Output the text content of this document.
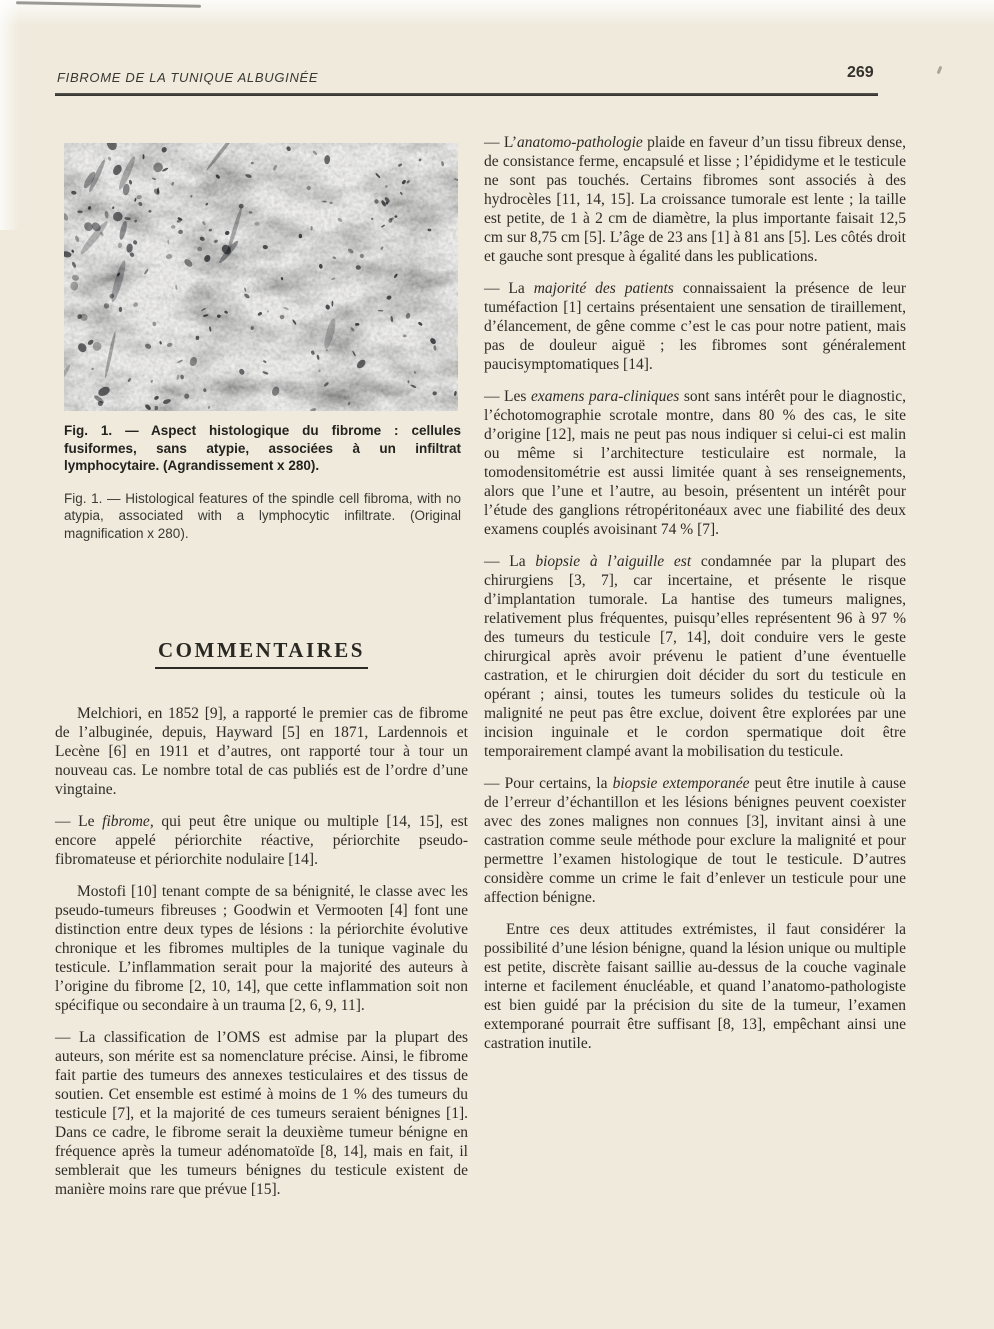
FIBROME DE LA TUNIQUE ALBUGINÉE	269

Fig. 1. — Aspect histologique du fibrome : cellules fusiformes, sans atypie, associées à un infiltrat lymphocytaire. (Agrandissement x 280).

Fig. 1. — Histological features of the spindle cell fibroma, with no atypia, associated with a lymphocytic infiltrate. (Original magnification x 280).

COMMENTAIRES

Melchiori, en 1852 [9], a rapporté le premier cas de fibrome de l’albuginée, depuis, Hayward [5] en 1871, Lardennois et Lecène [6] en 1911 et d’autres, ont rapporté tour à tour un nouveau cas. Le nombre total de cas publiés est de l’ordre d’une vingtaine.

— Le fibrome, qui peut être unique ou multiple [14, 15], est encore appelé périorchite réactive, périorchite pseudo-fibromateuse et périorchite nodulaire [14].

Mostofi [10] tenant compte de sa bénignité, le classe avec les pseudo-tumeurs fibreuses ; Goodwin et Vermooten [4] font une distinction entre deux types de lésions : la périorchite évolutive chronique et les fibromes multiples de la tunique vaginale du testicule. L’inflammation serait pour la majorité des auteurs à l’origine du fibrome [2, 10, 14], que cette inflammation soit non spécifique ou secondaire à un trauma [2, 6, 9, 11].

— La classification de l’OMS est admise par la plupart des auteurs, son mérite est sa nomenclature précise. Ainsi, le fibrome fait partie des tumeurs des annexes testiculaires et des tissus de soutien. Cet ensemble est estimé à moins de 1 % des tumeurs du testicule [7], et la majorité de ces tumeurs seraient bénignes [1]. Dans ce cadre, le fibrome serait la deuxième tumeur bénigne en fréquence après la tumeur adénomatoïde [8, 14], mais en fait, il semblerait que les tumeurs bénignes du testicule existent de manière moins rare que prévue [15].

— L’anatomo-pathologie plaide en faveur d’un tissu fibreux dense, de consistance ferme, encapsulé et lisse ; l’épididyme et le testicule ne sont pas touchés. Certains fibromes sont associés à des hydrocèles [11, 14, 15]. La croissance tumorale est lente ; la taille est petite, de 1 à 2 cm de diamètre, la plus importante faisait 12,5 cm sur 8,75 cm [5]. L’âge de 23 ans [1] à 81 ans [5]. Les côtés droit et gauche sont presque à égalité dans les publications.

— La majorité des patients connaissaient la présence de leur tuméfaction [1] certains présentaient une sensation de tiraillement, d’élancement, de gêne comme c’est le cas pour notre patient, mais pas de douleur aiguë ; les fibromes sont généralement paucisymptomatiques [14].

— Les examens para-cliniques sont sans intérêt pour le diagnostic, l’échotomographie scrotale montre, dans 80 % des cas, le site d’origine [12], mais ne peut pas nous indiquer si celui-ci est malin ou même si l’architecture testiculaire est normale, la tomodensitométrie est aussi limitée quant à ses renseignements, alors que l’une et l’autre, au besoin, présentent un intérêt pour l’étude des ganglions rétropéritonéaux avec une fiabilité des deux examens couplés avoisinant 74 % [7].

— La biopsie à l’aiguille est condamnée par la plupart des chirurgiens [3, 7], car incertaine, et présente le risque d’implantation tumorale. La hantise des tumeurs malignes, relativement plus fréquentes, puisqu’elles représentent 96 à 97 % des tumeurs du testicule [7, 14], doit conduire vers le geste chirurgical après avoir prévenu le patient d’une éventuelle castration, et le chirurgien doit décider du sort du testicule en opérant ; ainsi, toutes les tumeurs solides du testicule où la malignité ne peut pas être exclue, doivent être explorées par une incision inguinale et le cordon spermatique doit être temporairement clampé avant la mobilisation du testicule.

— Pour certains, la biopsie extemporanée peut être inutile à cause de l’erreur d’échantillon et les lésions bénignes peuvent coexister avec des zones malignes non connues [3], invitant ainsi à une castration comme seule méthode pour exclure la malignité et pour permettre l’examen histologique de tout le testicule. D’autres considère comme un crime le fait d’enlever un testicule pour une affection bénigne.

Entre ces deux attitudes extrémistes, il faut considérer la possibilité d’une lésion bénigne, quand la lésion unique ou multiple est petite, discrète faisant saillie au-dessus de la couche vaginale interne et facilement énucléable, et quand l’anatomo-pathologiste est bien guidé par la précision du site de la tumeur, l’examen extemporané pourrait être suffisant [8, 13], empêchant ainsi une castration inutile.
